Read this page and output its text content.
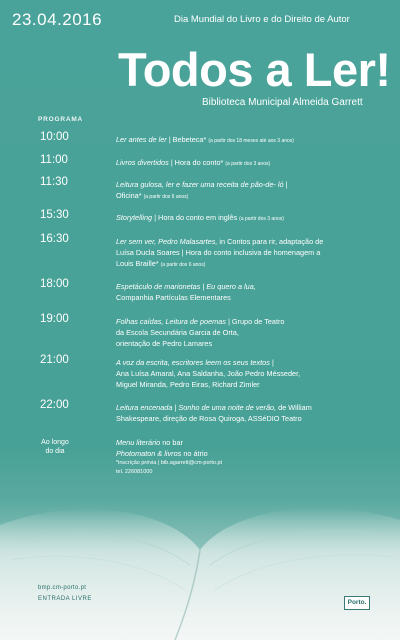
23.04.2016	Dia Mundial do Livro e do Direito de Autor
Todos a Ler!
Biblioteca Municipal Almeida Garrett
PROGRAMA
10:00	Ler antes de ler | Bebeteca* (a partir dos 18 meses até aos 3 anos)
11:00	Livros divertidos | Hora do conto* (a partir dos 3 anos)
11:30	Leitura gulosa, ler e fazer uma receita de pão-de- ló |
Oficina* (a partir dos 6 anos)
15:30	Storytelling | Hora do conto em inglês (a partir dos 3 anos)
16:30	Ler sem ver, Pedro Malasartes, in Contos para rir, adaptação de
Luísa Ducla Soares | Hora do conto inclusiva de homenagem a
Louis Braille* (a partir dos 6 anos)
18:00	Espetáculo de marionetas | Eu quero a lua,
Companhia Partículas Elementares
19:00	Folhas caídas, Leitura de poemas | Grupo de Teatro
da Escola Secundária Garcia de Orta,
orientação de Pedro Lamares
21:00	A voz da escrita, escritores leem os seus textos |
Ana Luísa Amaral, Ana Saldanha, João Pedro Mésseder,
Miguel Miranda, Pedro Eiras, Richard Zimler
22:00	Leitura encenada | Sonho de uma noite de verão, de William
Shakespeare, direção de Rosa Quiroga, ASSéDIO Teatro
Ao longo
do dia
Menu literário no bar
Photomaton & livros no átrio
*inscrição prévia | bib.agarrett@cm-porto.pt
tel. 226081000
bmp.cm-porto.pt
ENTRADA LIVRE	Porto.
